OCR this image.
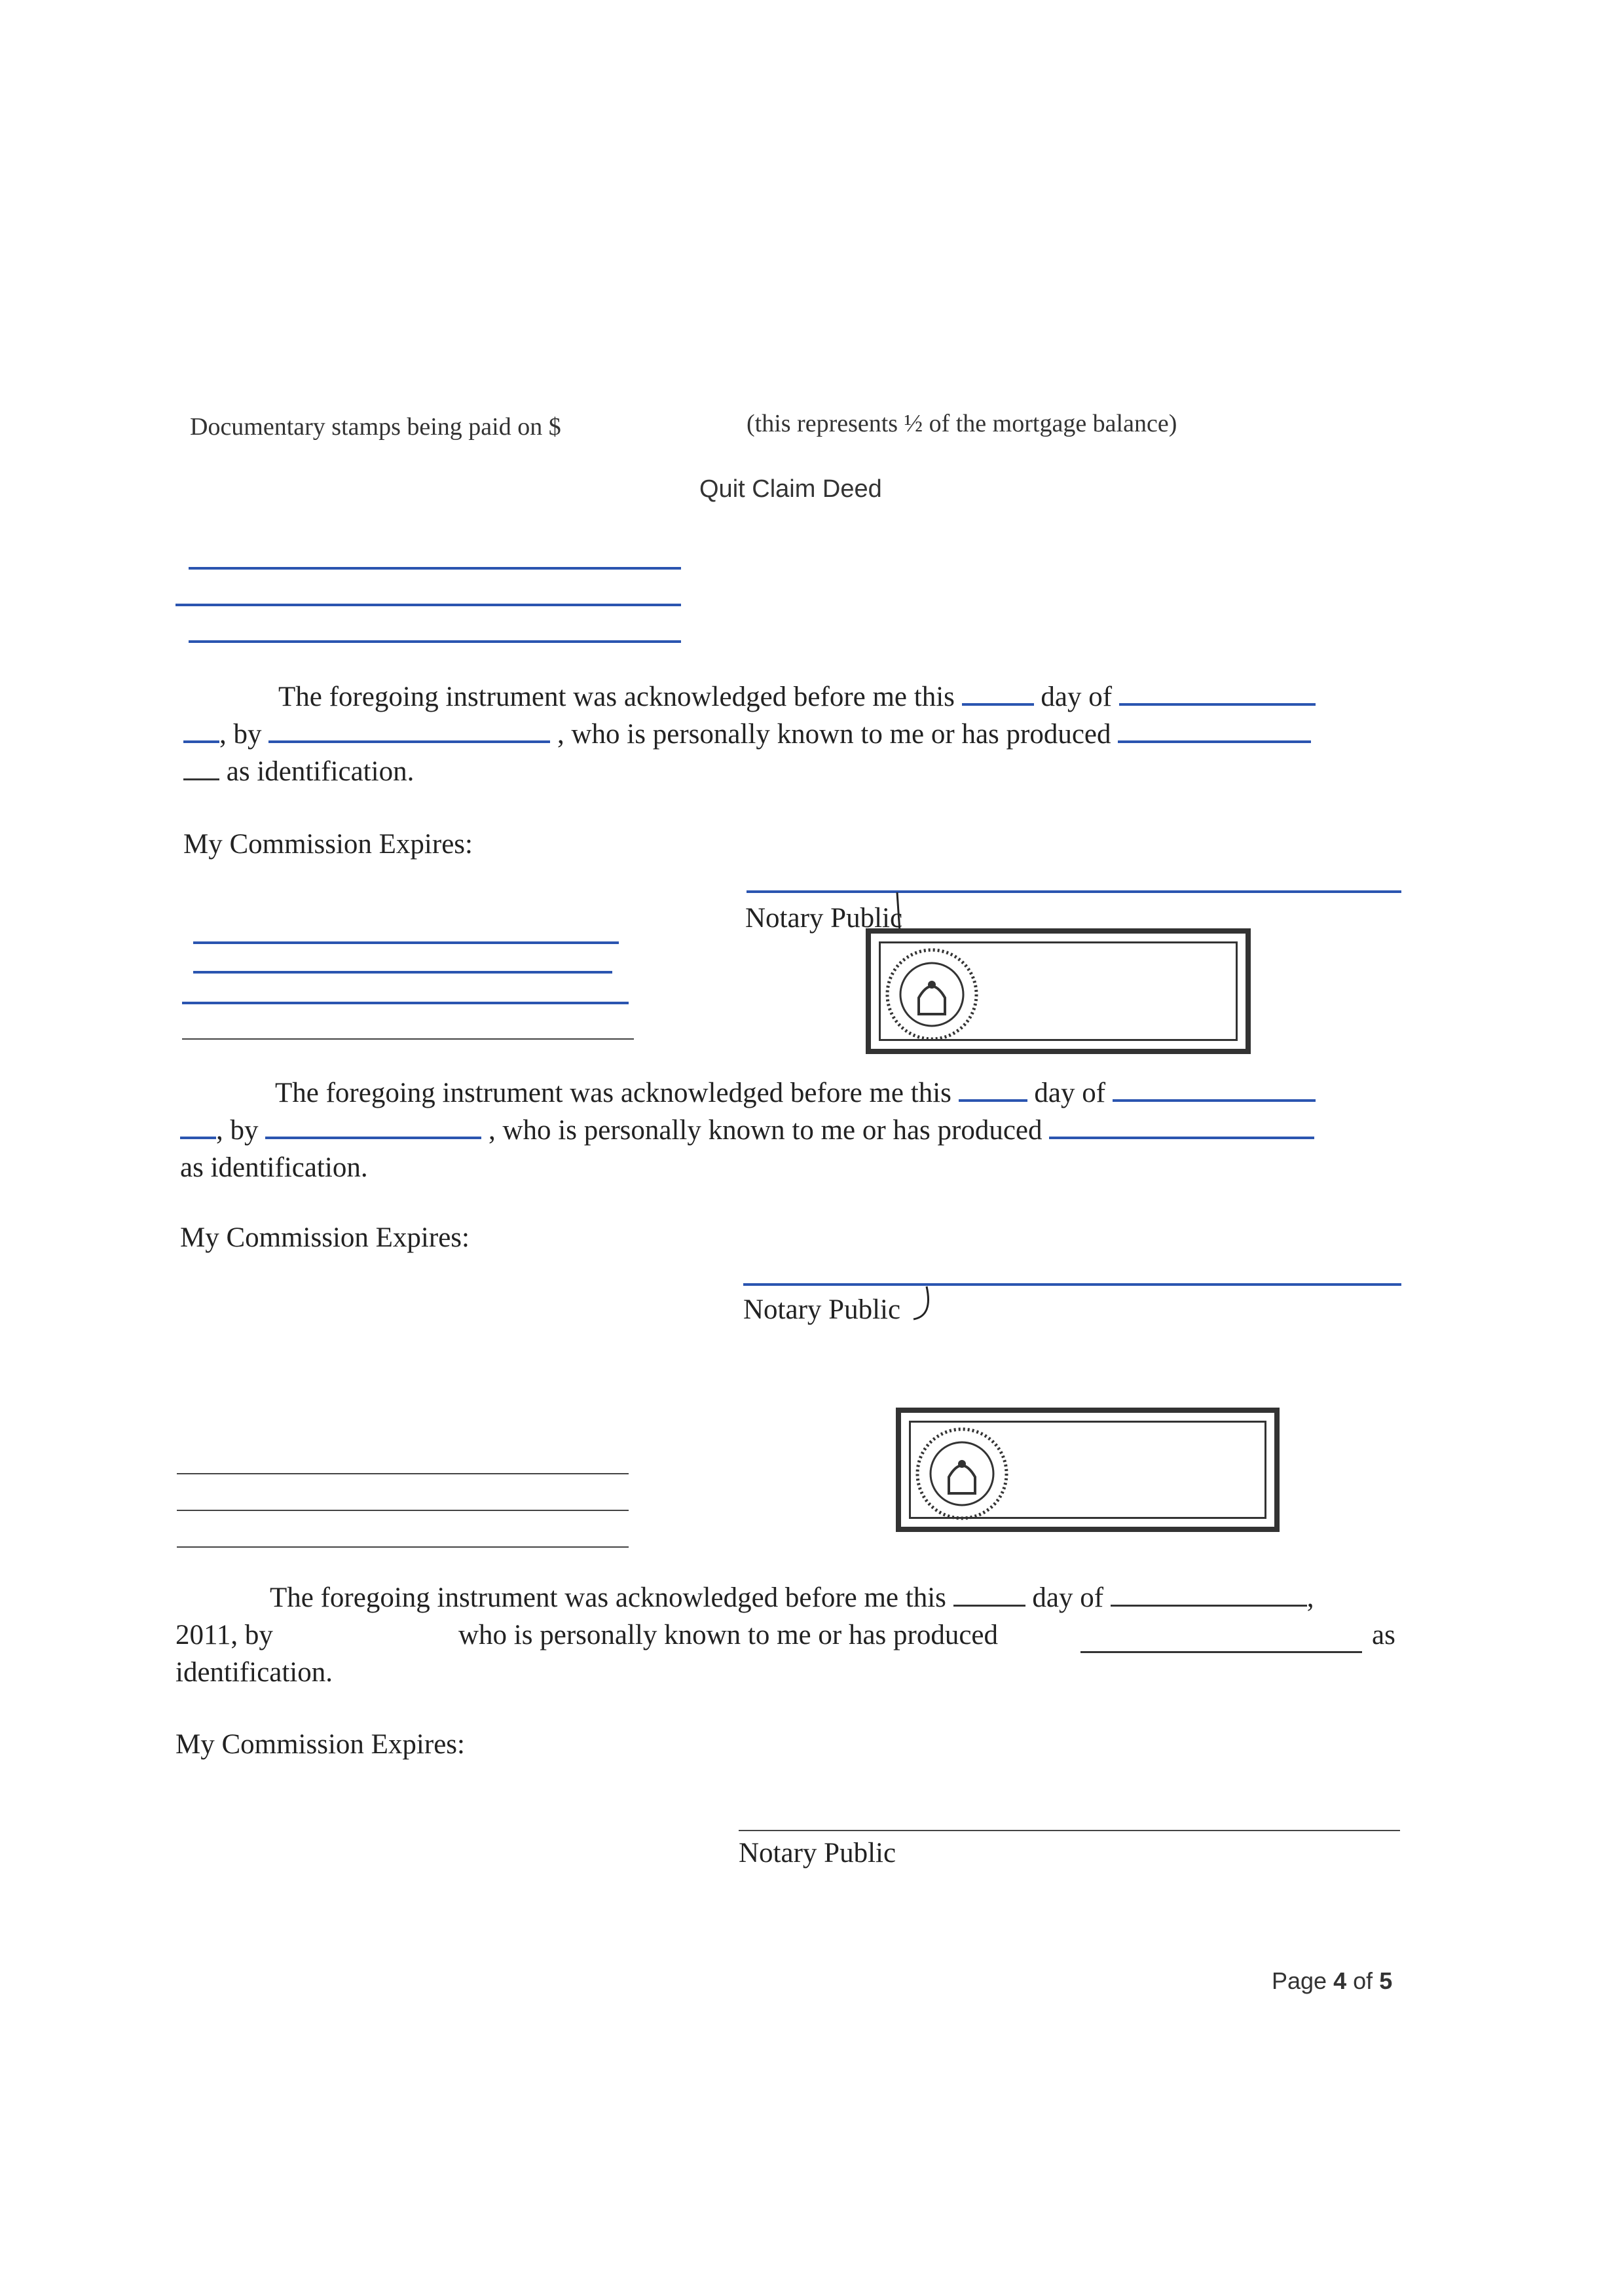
Documentary stamps being paid on $	(this represents ½ of the mortgage balance)
Quit Claim Deed
The foregoing instrument was acknowledged before me this	day of
, by	, who is personally known to me or has produced
as identification.
My Commission Expires:
Notary Public
The foregoing instrument was acknowledged before me this	day of
, by	, who is personally known to me or has produced
as identification.
My Commission Expires:
Notary Public
The foregoing instrument was acknowledged before me this	day of	,
2011, by	who is personally known to me or has produced	as
identification.
My Commission Expires:
Notary Public
Page 4 of 5
